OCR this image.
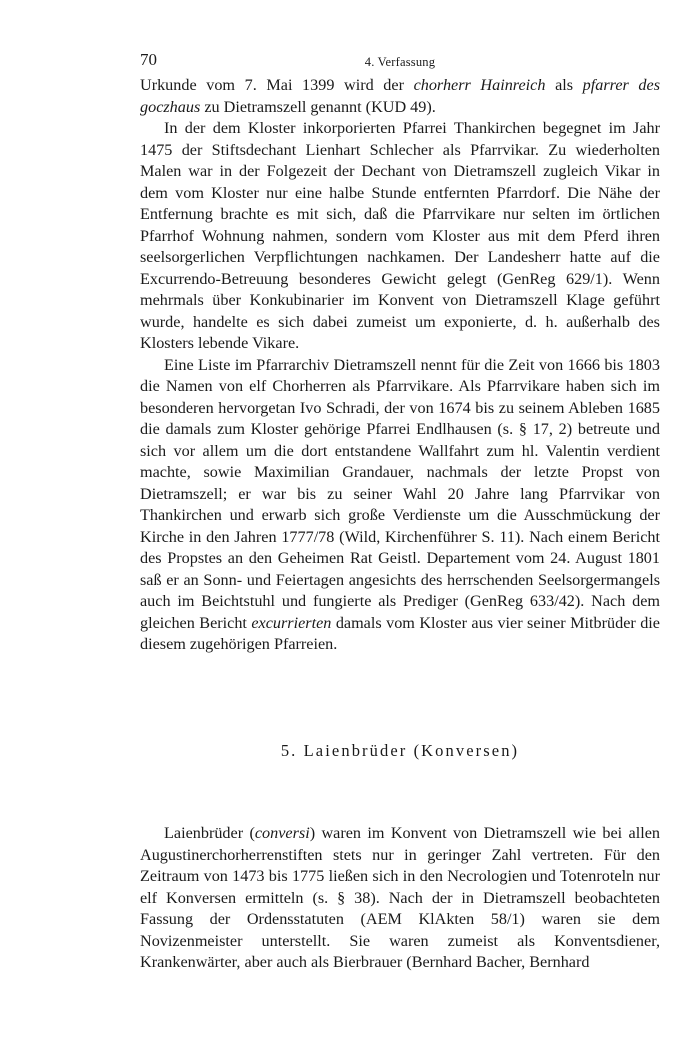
70	4. Verfassung

Urkunde vom 7. Mai 1399 wird der chorherr Hainreich als pfarrer des goczhaus zu Dietramszell genannt (KUD 49).

In der dem Kloster inkorporierten Pfarrei Thankirchen begegnet im Jahr 1475 der Stiftsdechant Lienhart Schlecher als Pfarrvikar. Zu wiederholten Malen war in der Folgezeit der Dechant von Dietramszell zugleich Vikar in dem vom Kloster nur eine halbe Stunde entfernten Pfarrdorf. Die Nähe der Entfernung brachte es mit sich, daß die Pfarrvikare nur selten im örtlichen Pfarrhof Wohnung nahmen, sondern vom Kloster aus mit dem Pferd ihren seelsorgerlichen Verpflichtungen nachkamen. Der Landesherr hatte auf die Excurrendo-Betreuung besonderes Gewicht gelegt (GenReg 629/1). Wenn mehrmals über Konkubinarier im Konvent von Dietramszell Klage geführt wurde, handelte es sich dabei zumeist um exponierte, d. h. außerhalb des Klosters lebende Vikare.

Eine Liste im Pfarrarchiv Dietramszell nennt für die Zeit von 1666 bis 1803 die Namen von elf Chorherren als Pfarrvikare. Als Pfarrvikare haben sich im besonderen hervorgetan Ivo Schradi, der von 1674 bis zu seinem Ableben 1685 die damals zum Kloster gehörige Pfarrei Endlhausen (s. § 17, 2) betreute und sich vor allem um die dort entstandene Wallfahrt zum hl. Valentin verdient machte, sowie Maximilian Grandauer, nachmals der letzte Propst von Dietramszell; er war bis zu seiner Wahl 20 Jahre lang Pfarrvikar von Thankirchen und erwarb sich große Verdienste um die Ausschmückung der Kirche in den Jahren 1777/78 (Wild, Kirchenführer S. 11). Nach einem Bericht des Propstes an den Geheimen Rat Geistl. Departement vom 24. August 1801 saß er an Sonn- und Feiertagen angesichts des herrschenden Seelsorgermangels auch im Beichtstuhl und fungierte als Prediger (GenReg 633/42). Nach dem gleichen Bericht excurrierten damals vom Kloster aus vier seiner Mitbrüder die diesem zugehörigen Pfarreien.

5. Laienbrüder (Konversen)

Laienbrüder (conversi) waren im Konvent von Dietramszell wie bei allen Augustinerchorherrenstiften stets nur in geringer Zahl vertreten. Für den Zeitraum von 1473 bis 1775 ließen sich in den Necrologien und Totenroteln nur elf Konversen ermitteln (s. § 38). Nach der in Dietramszell beobachteten Fassung der Ordensstatuten (AEM KlAkten 58/1) waren sie dem Novizenmeister unterstellt. Sie waren zumeist als Konventsdiener, Krankenwärter, aber auch als Bierbrauer (Bernhard Bacher, Bernhard
